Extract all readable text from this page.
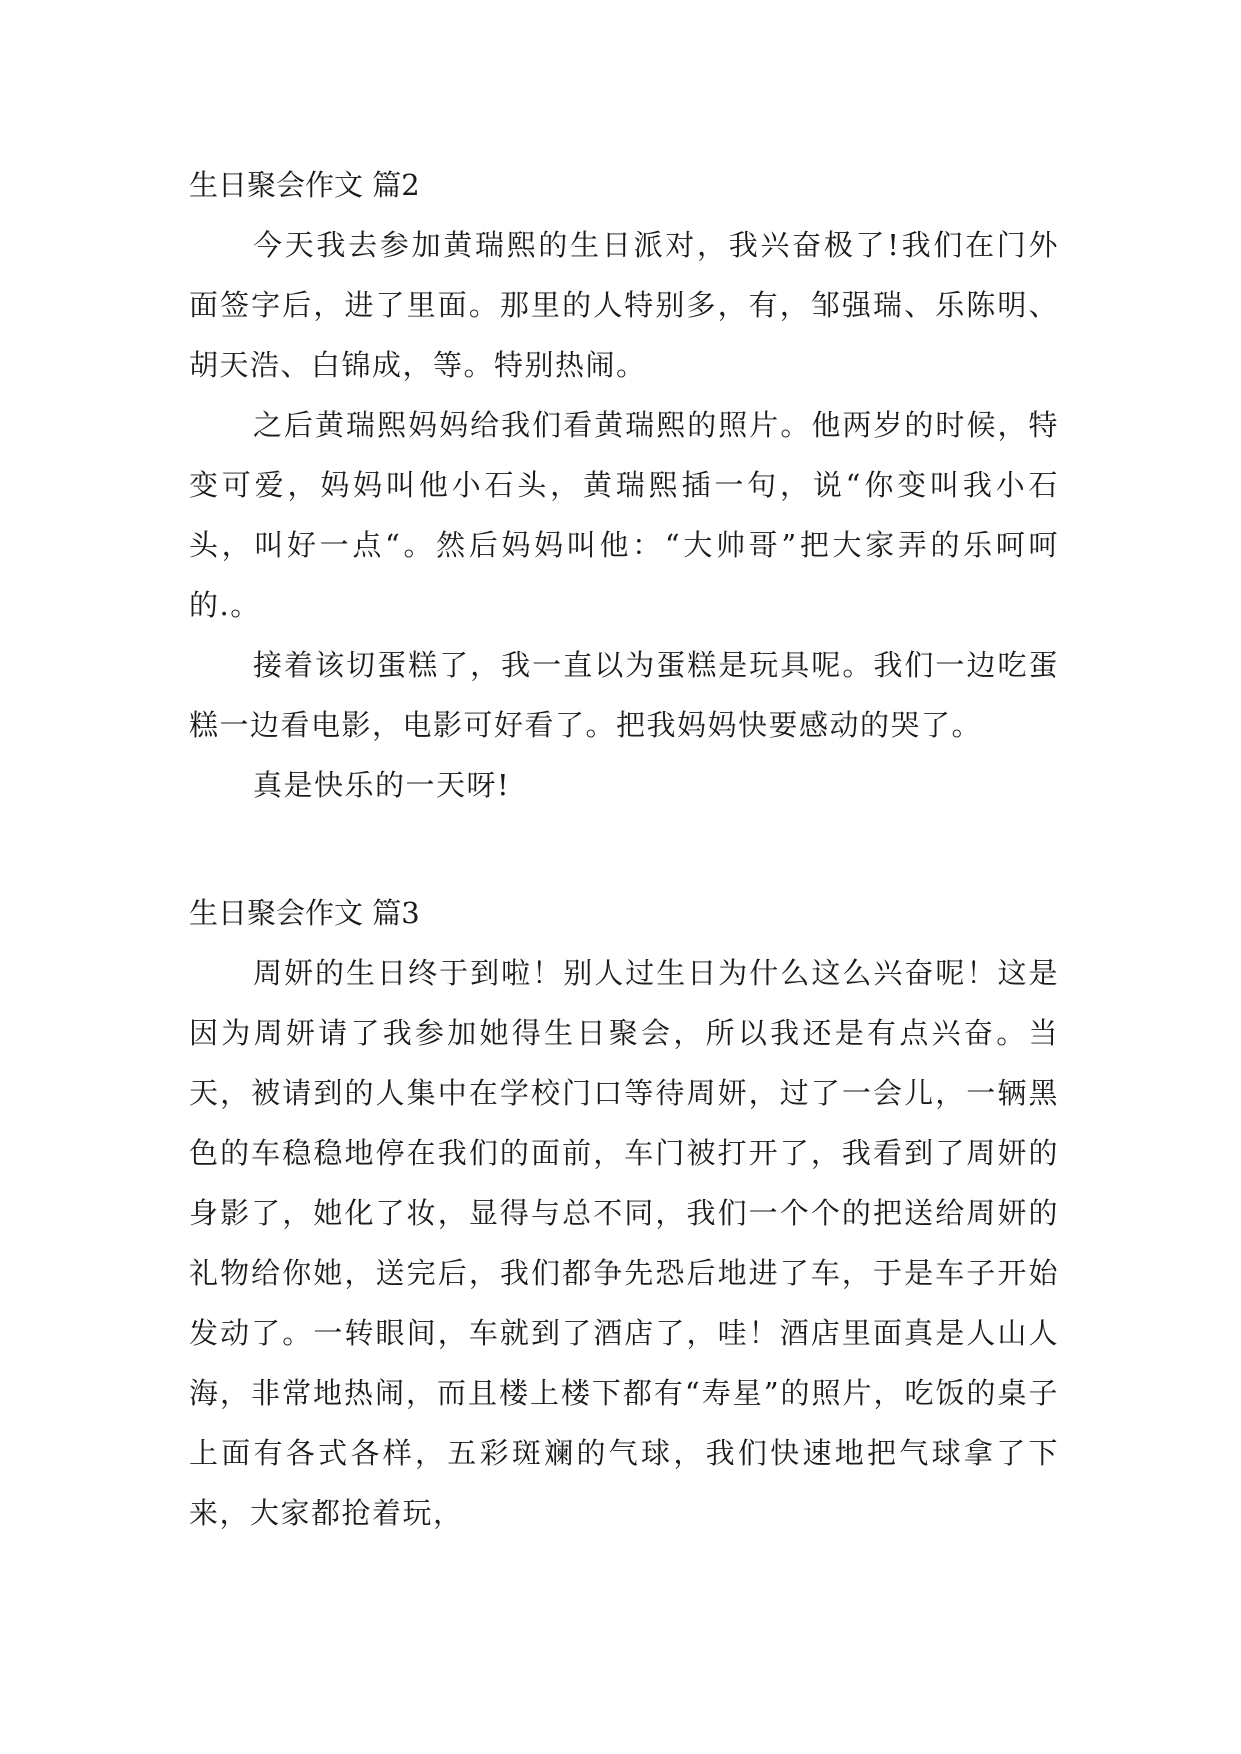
生日聚会作文 篇2

今天我去参加黄瑞熙的生日派对，我兴奋极了!我们在门外面签字后，进了里面。那里的人特别多，有，邹强瑞、乐陈明、胡天浩、白锦成，等。特别热闹。

之后黄瑞熙妈妈给我们看黄瑞熙的照片。他两岁的时候，特变可爱，妈妈叫他小石头，黄瑞熙插一句，说“你变叫我小石头，叫好一点“。然后妈妈叫他：“大帅哥”把大家弄的乐呵呵的.。

接着该切蛋糕了，我一直以为蛋糕是玩具呢。我们一边吃蛋糕一边看电影，电影可好看了。把我妈妈快要感动的哭了。

真是快乐的一天呀!

生日聚会作文 篇3

周妍的生日终于到啦！别人过生日为什么这么兴奋呢！这是因为周妍请了我参加她得生日聚会，所以我还是有点兴奋。当天，被请到的人集中在学校门口等待周妍，过了一会儿，一辆黑色的车稳稳地停在我们的面前，车门被打开了，我看到了周妍的身影了，她化了妆，显得与总不同，我们一个个的把送给周妍的礼物给你她，送完后，我们都争先恐后地进了车，于是车子开始发动了。一转眼间，车就到了酒店了，哇！酒店里面真是人山人海，非常地热闹，而且楼上楼下都有“寿星”的照片，吃饭的桌子上面有各式各样，五彩斑斓的气球，我们快速地把气球拿了下来，大家都抢着玩，
